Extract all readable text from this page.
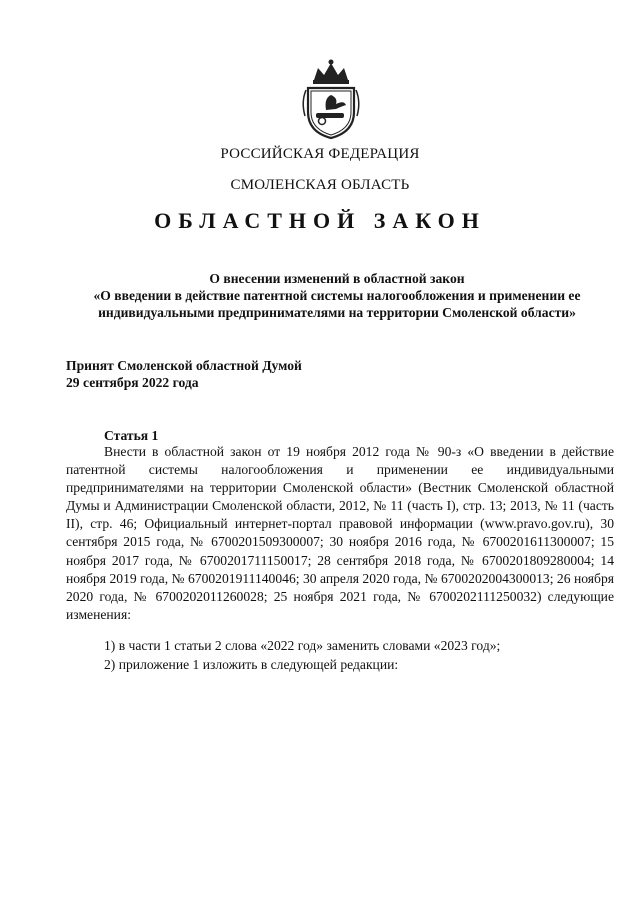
РОССИЙСКАЯ ФЕДЕРАЦИЯ
СМОЛЕНСКАЯ ОБЛАСТЬ
ОБЛАСТНОЙ ЗАКОН
О внесении изменений в областной закон
«О введении в действие патентной системы налогообложения и применении ее индивидуальными предпринимателями на территории Смоленской области»
Принят Смоленской областной Думой
29 сентября 2022 года
Статья 1

Внести в областной закон от 19 ноября 2012 года № 90-з «О введении в действие патентной системы налогообложения и применении ее индивидуальными предпринимателями на территории Смоленской области» (Вестник Смоленской областной Думы и Администрации Смоленской области, 2012, № 11 (часть I), стр. 13; 2013, № 11 (часть II), стр. 46; Официальный интернет-портал правовой информации (www.pravo.gov.ru), 30 сентября 2015 года, № 6700201509300007; 30 ноября 2016 года, № 6700201611300007; 15 ноября 2017 года, № 6700201711150017; 28 сентября 2018 года, № 6700201809280004; 14 ноября 2019 года, № 6700201911140046; 30 апреля 2020 года, № 6700202004300013; 26 ноября 2020 года, № 6700202011260028; 25 ноября 2021 года, № 6700202111250032) следующие изменения:

1) в части 1 статьи 2 слова «2022 год» заменить словами «2023 год»;

2) приложение 1 изложить в следующей редакции:
